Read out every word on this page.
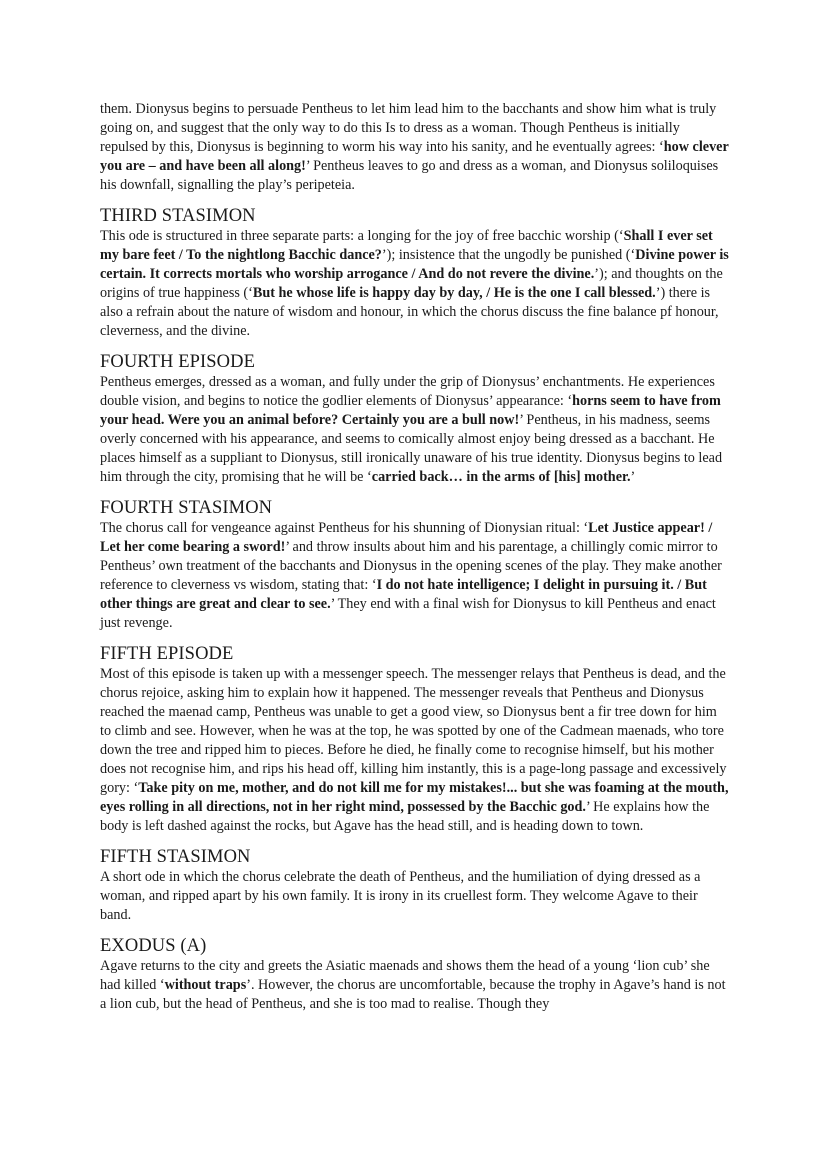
them. Dionysus begins to persuade Pentheus to let him lead him to the bacchants and show him what is truly going on, and suggest that the only way to do this Is to dress as a woman. Though Pentheus is initially repulsed by this, Dionysus is beginning to worm his way into his sanity, and he eventually agrees: ‘how clever you are – and have been all along!’ Pentheus leaves to go and dress as a woman, and Dionysus soliloquises his downfall, signalling the play’s peripeteia.

THIRD STASIMON

This ode is structured in three separate parts: a longing for the joy of free bacchic worship (‘Shall I ever set my bare feet / To the nightlong Bacchic dance?’); insistence that the ungodly be punished (‘Divine power is certain. It corrects mortals who worship arrogance / And do not revere the divine.’); and thoughts on the origins of true happiness (‘But he whose life is happy day by day, / He is the one I call blessed.’) there is also a refrain about the nature of wisdom and honour, in which the chorus discuss the fine balance pf honour, cleverness, and the divine.

FOURTH EPISODE

Pentheus emerges, dressed as a woman, and fully under the grip of Dionysus’ enchantments. He experiences double vision, and begins to notice the godlier elements of Dionysus’ appearance: ‘horns seem to have from your head. Were you an animal before? Certainly you are a bull now!’ Pentheus, in his madness, seems overly concerned with his appearance, and seems to comically almost enjoy being dressed as a bacchant. He places himself as a suppliant to Dionysus, still ironically unaware of his true identity. Dionysus begins to lead him through the city, promising that he will be ‘carried back… in the arms of [his] mother.’

FOURTH STASIMON

The chorus call for vengeance against Pentheus for his shunning of Dionysian ritual: ‘Let Justice appear! / Let her come bearing a sword!’ and throw insults about him and his parentage, a chillingly comic mirror to Pentheus’ own treatment of the bacchants and Dionysus in the opening scenes of the play. They make another reference to cleverness vs wisdom, stating that: ‘I do not hate intelligence; I delight in pursuing it. / But other things are great and clear to see.’ They end with a final wish for Dionysus to kill Pentheus and enact just revenge.

FIFTH EPISODE

Most of this episode is taken up with a messenger speech. The messenger relays that Pentheus is dead, and the chorus rejoice, asking him to explain how it happened. The messenger reveals that Pentheus and Dionysus reached the maenad camp, Pentheus was unable to get a good view, so Dionysus bent a fir tree down for him to climb and see. However, when he was at the top, he was spotted by one of the Cadmean maenads, who tore down the tree and ripped him to pieces. Before he died, he finally come to recognise himself, but his mother does not recognise him, and rips his head off, killing him instantly, this is a page-long passage and excessively gory: ‘Take pity on me, mother, and do not kill me for my mistakes!... but she was foaming at the mouth, eyes rolling in all directions, not in her right mind, possessed by the Bacchic god.’ He explains how the body is left dashed against the rocks, but Agave has the head still, and is heading down to town.

FIFTH STASIMON

A short ode in which the chorus celebrate the death of Pentheus, and the humiliation of dying dressed as a woman, and ripped apart by his own family. It is irony in its cruellest form. They welcome Agave to their band.

EXODUS (A)

Agave returns to the city and greets the Asiatic maenads and shows them the head of a young ‘lion cub’ she had killed ‘without traps’. However, the chorus are uncomfortable, because the trophy in Agave’s hand is not a lion cub, but the head of Pentheus, and she is too mad to realise. Though they
